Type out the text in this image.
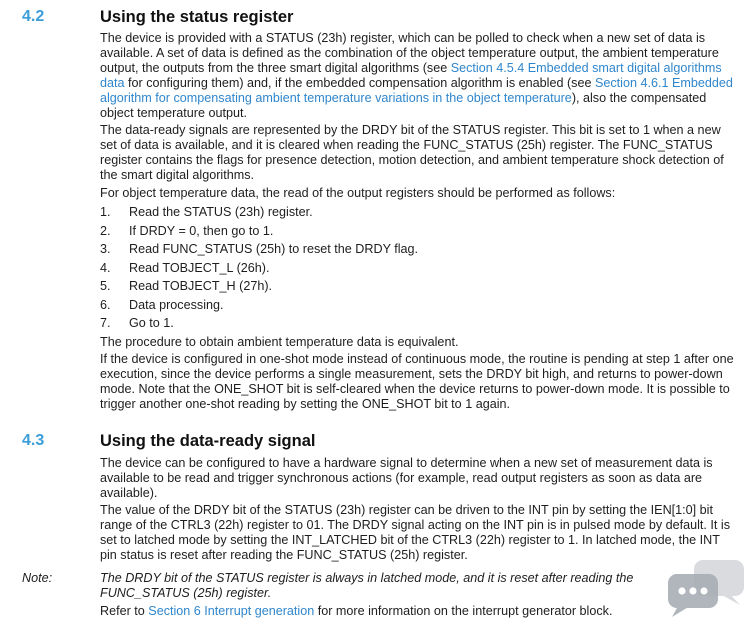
4.2	Using the status register
The device is provided with a STATUS (23h) register, which can be polled to check when a new set of data is
available. A set of data is defined as the combination of the object temperature output, the ambient temperature
output, the outputs from the three smart digital algorithms (see Section 4.5.4 Embedded smart digital algorithms
data for configuring them) and, if the embedded compensation algorithm is enabled (see Section 4.6.1 Embedded
algorithm for compensating ambient temperature variations in the object temperature), also the compensated
object temperature output.
The data-ready signals are represented by the DRDY bit of the STATUS register. This bit is set to 1 when a new
set of data is available, and it is cleared when reading the FUNC_STATUS (25h) register. The FUNC_STATUS
register contains the flags for presence detection, motion detection, and ambient temperature shock detection of
the smart digital algorithms.
For object temperature data, the read of the output registers should be performed as follows:
1. Read the STATUS (23h) register.
2. If DRDY = 0, then go to 1.
3. Read FUNC_STATUS (25h) to reset the DRDY flag.
4. Read TOBJECT_L (26h).
5. Read TOBJECT_H (27h).
6. Data processing.
7. Go to 1.
The procedure to obtain ambient temperature data is equivalent.
If the device is configured in one-shot mode instead of continuous mode, the routine is pending at step 1 after one
execution, since the device performs a single measurement, sets the DRDY bit high, and returns to power-down
mode. Note that the ONE_SHOT bit is self-cleared when the device returns to power-down mode. It is possible to
trigger another one-shot reading by setting the ONE_SHOT bit to 1 again.
4.3	Using the data-ready signal
The device can be configured to have a hardware signal to determine when a new set of measurement data is
available to be read and trigger synchronous actions (for example, read output registers as soon as data are
available).
The value of the DRDY bit of the STATUS (23h) register can be driven to the INT pin by setting the IEN[1:0] bit
range of the CTRL3 (22h) register to 01. The DRDY signal acting on the INT pin is in pulsed mode by default. It is
set to latched mode by setting the INT_LATCHED bit of the CTRL3 (22h) register to 1. In latched mode, the INT
pin status is reset after reading the FUNC_STATUS (25h) register.
Note:	The DRDY bit of the STATUS register is always in latched mode, and it is reset after reading the
FUNC_STATUS (25h) register.
Refer to Section 6 Interrupt generation for more information on the interrupt generator block.
